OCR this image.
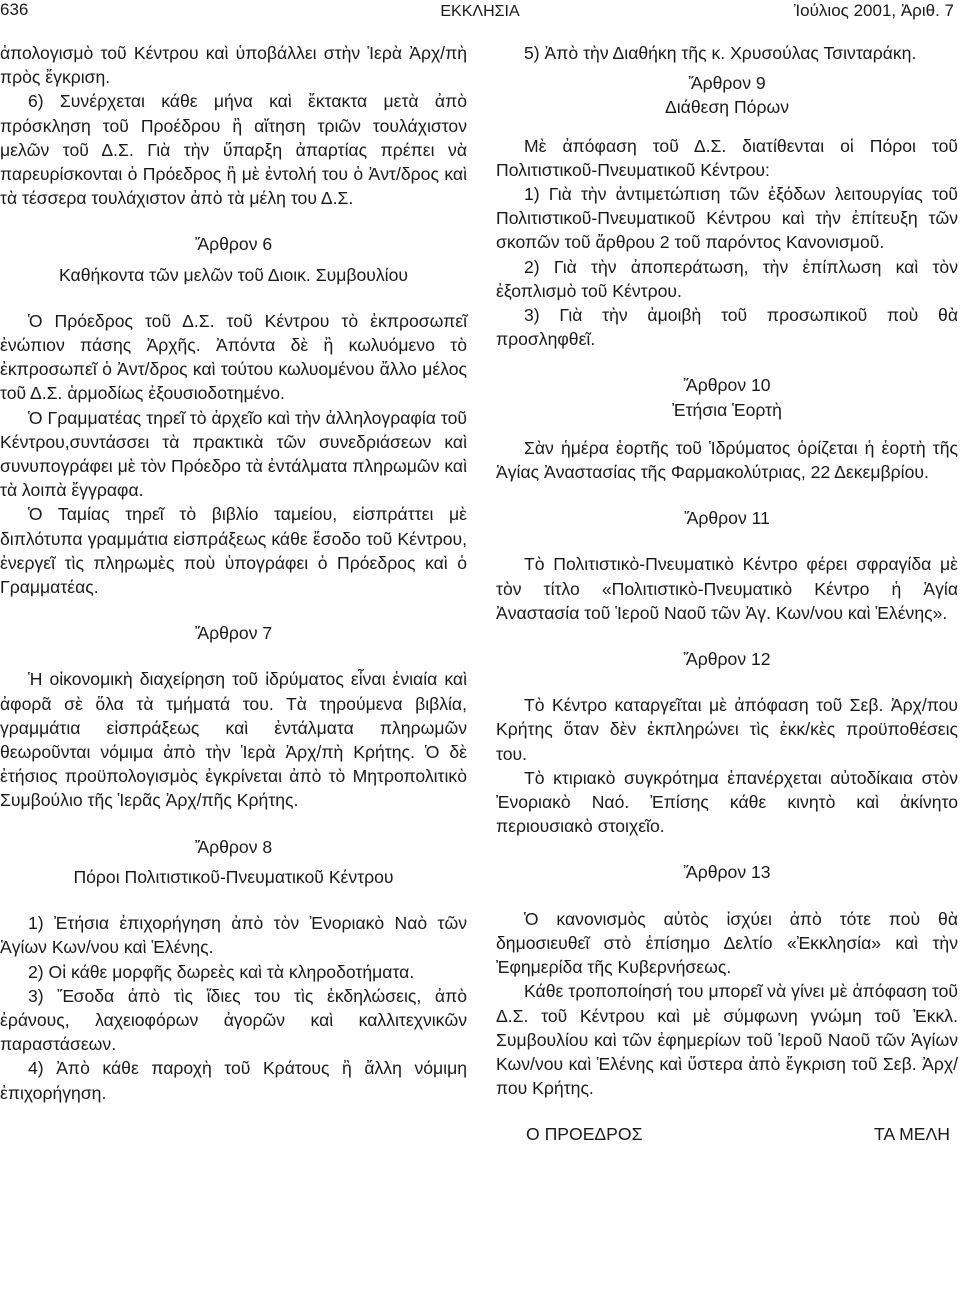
636	ΕΚΚΛΗΣΙΑ	Ἰούλιος 2001, Ἀριθ. 7

ἀπολογισμὸ τοῦ Κέντρου καὶ ὑποβάλλει στὴν Ἱερὰ Ἀρχ/πὴ πρὸς ἔγκριση.

6) Συνέρχεται κάθε μήνα καὶ ἔκτακτα μετὰ ἀπὸ πρόσκληση τοῦ Προέδρου ἢ αἴτηση τριῶν τουλάχιστον μελῶν τοῦ Δ.Σ. Γιὰ τὴν ὕπαρξη ἀπαρτίας πρέπει νὰ παρευρίσκονται ὁ Πρόεδρος ἢ μὲ ἐντολή του ὁ Ἀντ/δρος καὶ τὰ τέσσερα τουλάχιστον ἀπὸ τὰ μέλη του Δ.Σ.

Ἄρθρον 6

Καθήκοντα τῶν μελῶν τοῦ Διοικ. Συμβουλίου

Ὁ Πρόεδρος τοῦ Δ.Σ. τοῦ Κέντρου τὸ ἐκπροσωπεῖ ἐνώπιον πάσης Ἀρχῆς. Ἀπόντα δὲ ἢ κωλυόμενο τὸ ἐκπροσωπεῖ ὁ Ἀντ/δρος καὶ τούτου κωλυομένου ἄλλο μέλος τοῦ Δ.Σ. ἁρμοδίως ἐξουσιοδοτημένο.

Ὁ Γραμματέας τηρεῖ τὸ ἀρχεῖο καὶ τὴν ἀλληλογραφία τοῦ Κέντρου,συντάσσει τὰ πρακτικὰ τῶν συνεδριάσεων καὶ συνυπογράφει μὲ τὸν Πρόεδρο τὰ ἐντάλματα πληρωμῶν καὶ τὰ λοιπὰ ἔγγραφα.

Ὁ Ταμίας τηρεῖ τὸ βιβλίο ταμείου, εἰσπράττει μὲ διπλότυπα γραμμάτια εἰσπράξεως κάθε ἔσοδο τοῦ Κέντρου, ἐνεργεῖ τὶς πληρωμὲς ποὺ ὑπογράφει ὁ Πρόεδρος καὶ ὁ Γραμματέας.

Ἄρθρον 7

Ἡ οἰκονομικὴ διαχείρηση τοῦ ἱδρύματος εἶναι ἑνιαία καὶ ἀφορᾶ σὲ ὅλα τὰ τμήματά του. Τὰ τηρούμενα βιβλία, γραμμάτια εἰσπράξεως καὶ ἐντάλματα πληρωμῶν θεωροῦνται νόμιμα ἀπὸ τὴν Ἱερὰ Ἀρχ/πὴ Κρήτης. Ὁ δὲ ἐτήσιος προϋπολογισμὸς ἐγκρίνεται ἀπὸ τὸ Μητροπολιτικὸ Συμβούλιο τῆς Ἱερᾶς Ἀρχ/πῆς Κρήτης.

Ἄρθρον 8

Πόροι Πολιτιστικοῦ-Πνευματικοῦ Κέντρου

1) Ἐτήσια ἐπιχορήγηση ἀπὸ τὸν Ἐνοριακὸ Ναὸ τῶν Ἁγίων Κων/νου καὶ Ἑλένης.

2) Οἱ κάθε μορφῆς δωρεὲς καὶ τὰ κληροδοτήματα.

3) Ἔσοδα ἀπὸ τὶς ἴδιες του τὶς ἐκδηλώσεις, ἀπὸ ἐράνους, λαχειοφόρων ἀγορῶν καὶ καλλιτεχνικῶν παραστάσεων.

4) Ἀπὸ κάθε παροχὴ τοῦ Κράτους ἢ ἄλλη νόμιμη ἐπιχορήγηση.

5) Ἀπὸ τὴν Διαθήκη τῆς κ. Χρυσούλας Τσινταράκη.

Ἄρθρον 9

Διάθεση Πόρων

Μὲ ἀπόφαση τοῦ Δ.Σ. διατίθενται οἱ Πόροι τοῦ Πολιτιστικοῦ-Πνευματικοῦ Κέντρου:

1) Γιὰ τὴν ἀντιμετώπιση τῶν ἐξόδων λειτουργίας τοῦ Πολιτιστικοῦ-Πνευματικοῦ Κέντρου καὶ τὴν ἐπίτευξη τῶν σκοπῶν τοῦ ἄρθρου 2 τοῦ παρόντος Κανονισμοῦ.

2) Γιὰ τὴν ἀποπεράτωση, τὴν ἐπίπλωση καὶ τὸν ἐξοπλισμὸ τοῦ Κέντρου.

3) Γιὰ τὴν ἀμοιβὴ τοῦ προσωπικοῦ ποὺ θὰ προσληφθεῖ.

Ἄρθρον 10

Ἐτήσια Ἑορτὴ

Σὰν ἡμέρα ἑορτῆς τοῦ Ἱδρύματος ὁρίζεται ἡ ἑορτὴ τῆς Ἁγίας Ἀναστασίας τῆς Φαρμακολύτριας, 22 Δεκεμβρίου.

Ἄρθρον 11

Τὸ Πολιτιστικὸ-Πνευματικὸ Κέντρο φέρει σφραγίδα μὲ τὸν τίτλο «Πολιτιστικὸ-Πνευματικὸ Κέντρο ἡ Ἁγία Ἀναστασία τοῦ Ἱεροῦ Ναοῦ τῶν Ἁγ. Κων/νου καὶ Ἑλένης».

Ἄρθρον 12

Τὸ Κέντρο καταργεῖται μὲ ἀπόφαση τοῦ Σεβ. Ἀρχ/που Κρήτης ὅταν δὲν ἐκπληρώνει τὶς ἐκκ/κὲς προϋποθέσεις του.

Τὸ κτιριακὸ συγκρότημα ἐπανέρχεται αὐτοδίκαια στὸν Ἐνοριακὸ Ναό. Ἐπίσης κάθε κινητὸ καὶ ἀκίνητο περιουσιακὸ στοιχεῖο.

Ἄρθρον 13

Ὁ κανονισμὸς αὐτὸς ἰσχύει ἀπὸ τότε ποὺ θὰ δημοσιευθεῖ στὸ ἐπίσημο Δελτίο «Ἐκκλησία» καὶ τὴν Ἐφημερίδα τῆς Κυβερνήσεως.

Κάθε τροποποίησή του μπορεῖ νὰ γίνει μὲ ἀπόφαση τοῦ Δ.Σ. τοῦ Κέντρου καὶ μὲ σύμφωνη γνώμη τοῦ Ἐκκλ. Συμβουλίου καὶ τῶν ἐφημερίων τοῦ Ἱεροῦ Ναοῦ τῶν Ἁγίων Κων/νου καὶ Ἑλένης καὶ ὕστερα ἀπὸ ἔγκριση τοῦ Σεβ. Ἀρχ/που Κρήτης.

Ο ΠΡΟΕΔΡΟΣ	ΤΑ ΜΕΛΗ
